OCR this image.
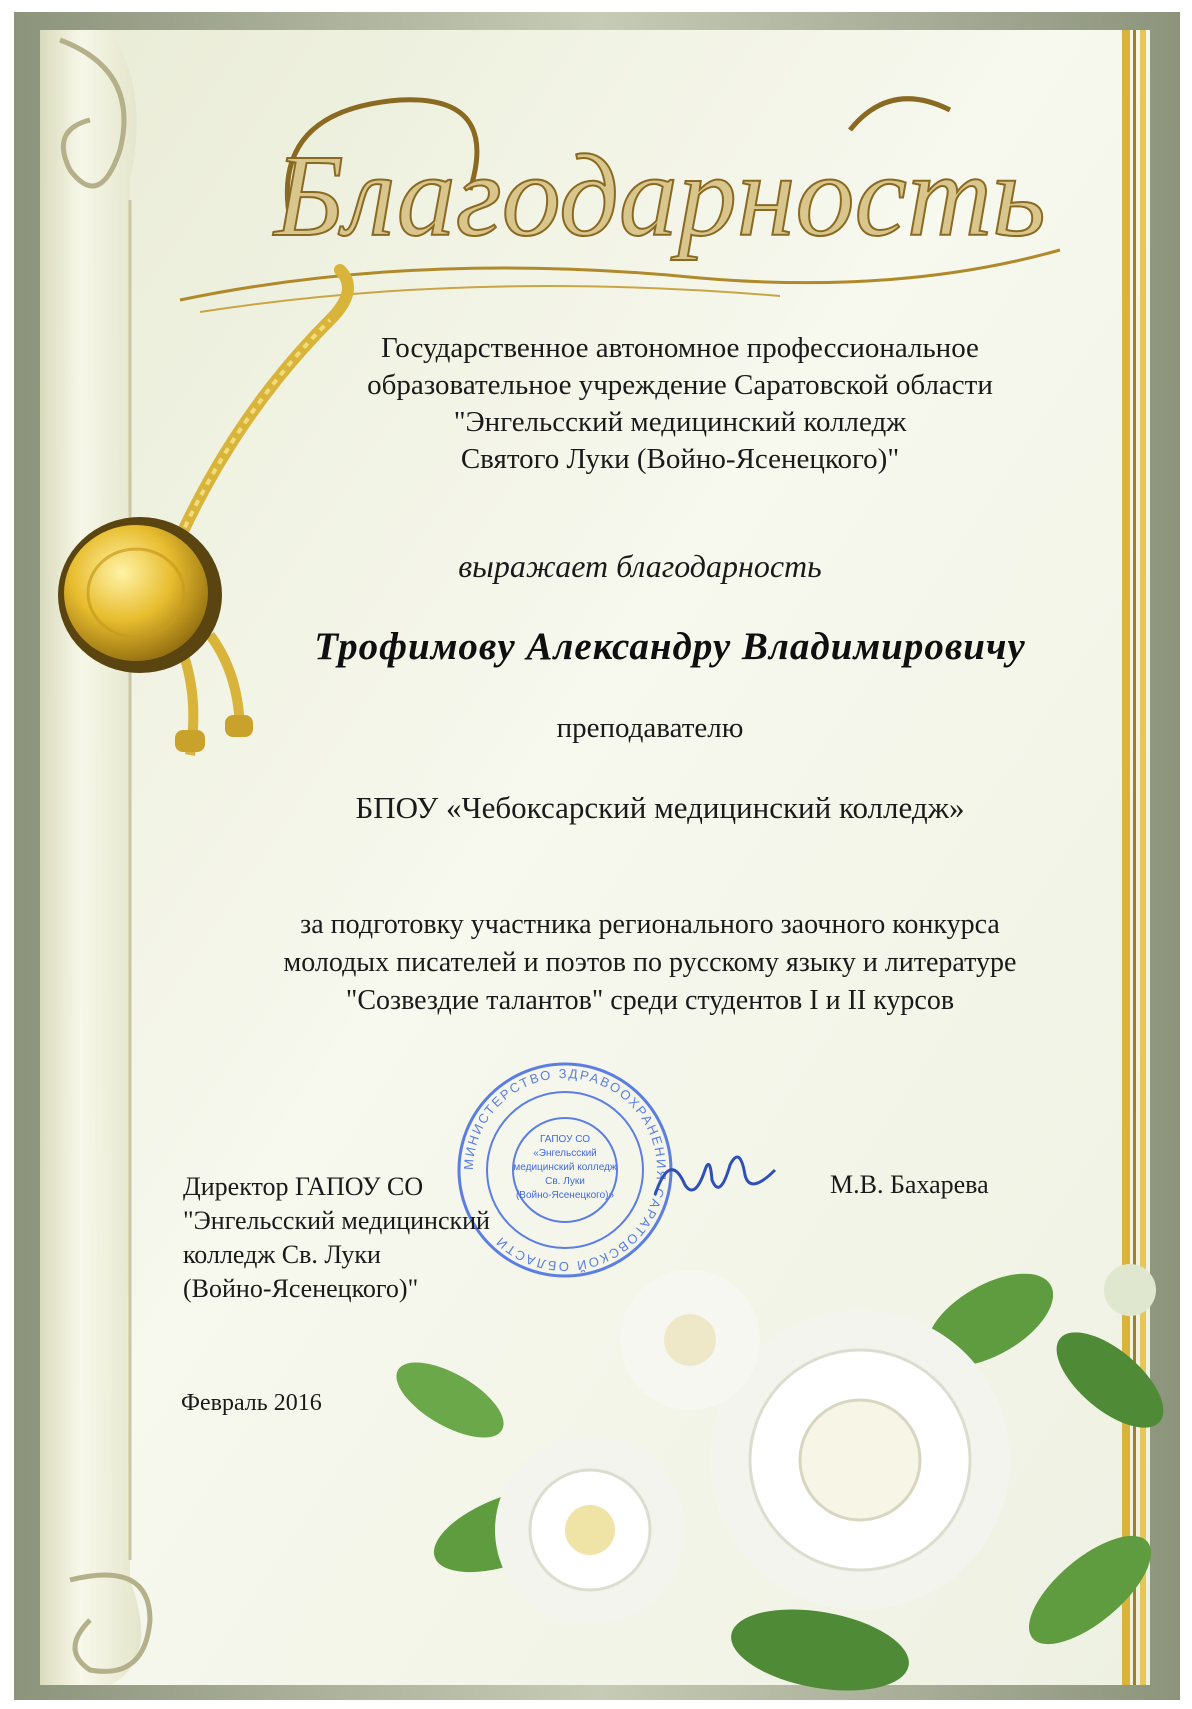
Благодарность
Государственное автономное профессиональное
образовательное учреждение Саратовской области
"Энгельсский медицинский колледж
Святого Луки (Войно-Ясенецкого)"
выражает благодарность
Трофимову Александру Владимировичу
преподавателю
БПОУ «Чебоксарский медицинский колледж»
за подготовку участника регионального заочного конкурса
молодых писателей и поэтов по русскому языку и литературе
"Созвездие талантов" среди студентов I и II курсов
МИНИСТЕРСТВО ЗДРАВООХРАНЕНИЯ САРАТОВСКОЙ ОБЛАСТИ
ГАПОУ СО
«Энгельсский
медицинский колледж
Св. Луки
(Войно-Ясенецкого)»
Директор ГАПОУ СО
"Энгельсский медицинский
колледж Св. Луки
(Войно-Ясенецкого)"
М.В. Бахарева
Февраль 2016
